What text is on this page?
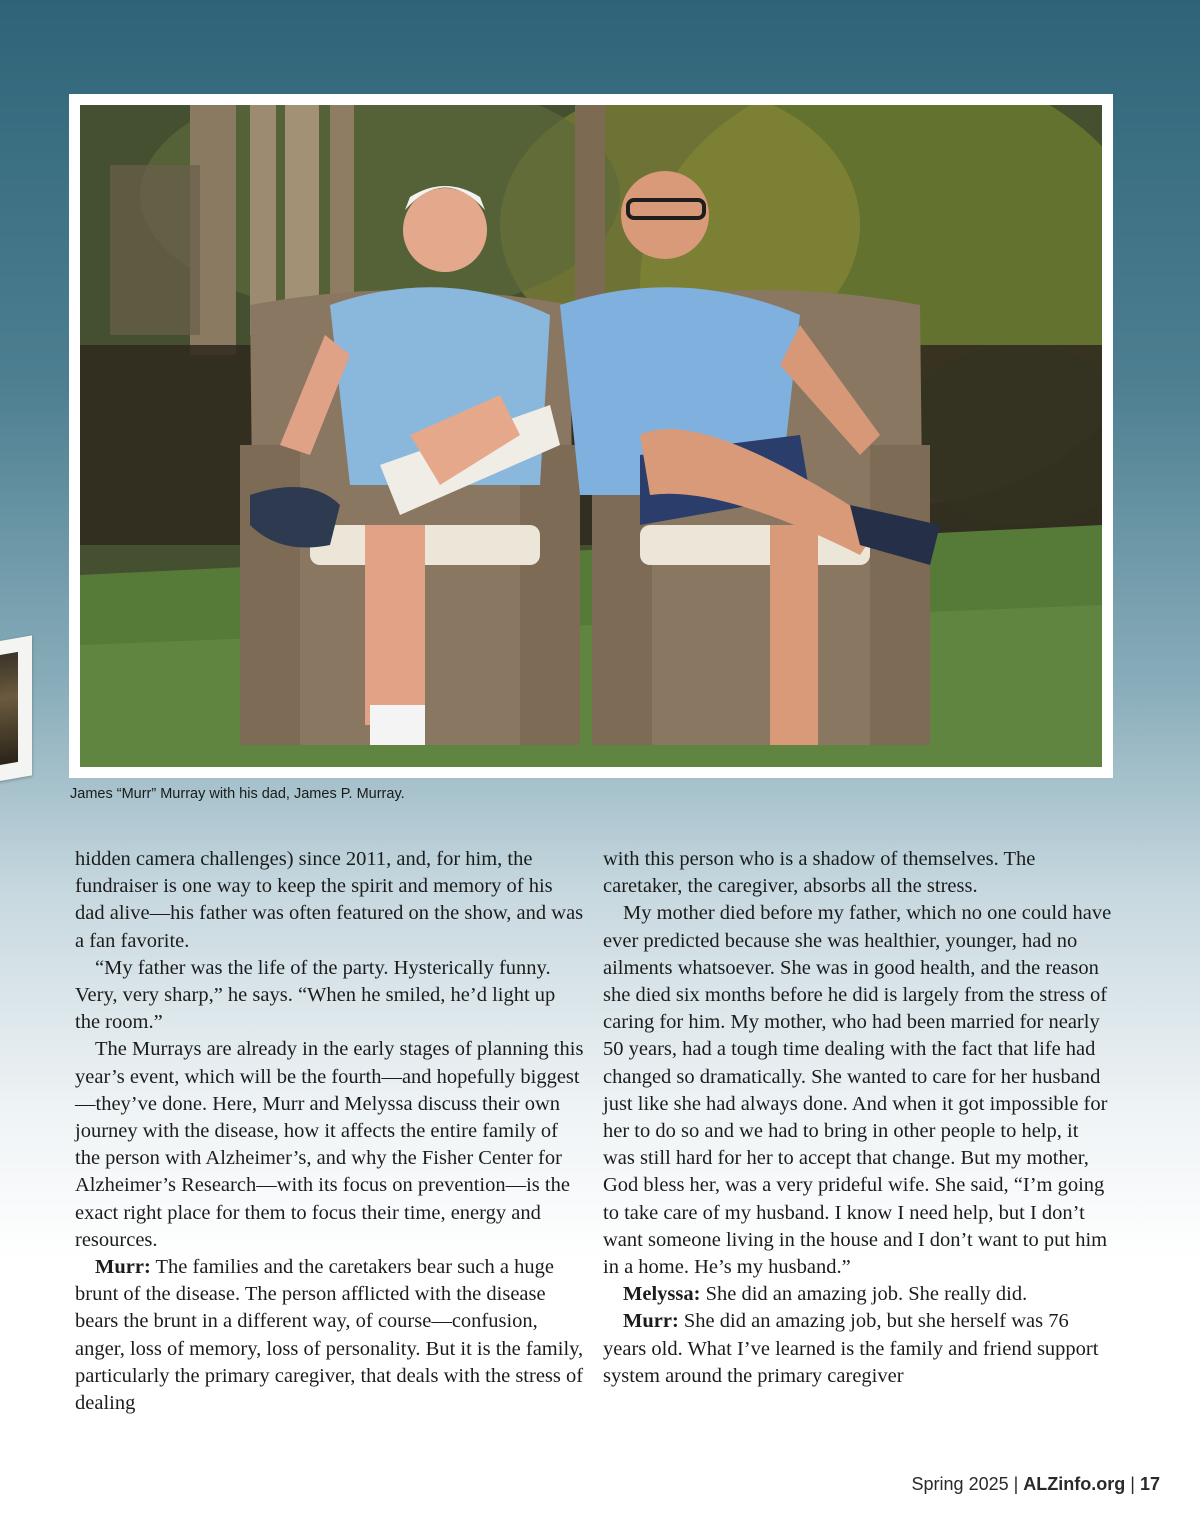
James “Murr” Murray with his dad, James P. Murray.

hidden camera challenges) since 2011, and, for him, the fundraiser is one way to keep the spirit and memory of his dad alive—his father was often featured on the show, and was a fan favorite.

“My father was the life of the party. Hysterically funny. Very, very sharp,” he says. “When he smiled, he’d light up the room.”

The Murrays are already in the early stages of planning this year’s event, which will be the fourth—and hopefully biggest—they’ve done. Here, Murr and Melyssa discuss their own journey with the disease, how it affects the entire family of the person with Alzheimer’s, and why the Fisher Center for Alzheimer’s Research—with its focus on prevention—is the exact right place for them to focus their time, energy and resources.

Murr: The families and the caretakers bear such a huge brunt of the disease. The person afflicted with the disease bears the brunt in a different way, of course—confusion, anger, loss of memory, loss of personality. But it is the family, particularly the primary caregiver, that deals with the stress of dealing

with this person who is a shadow of themselves. The caretaker, the caregiver, absorbs all the stress.

My mother died before my father, which no one could have ever predicted because she was healthier, younger, had no ailments whatsoever. She was in good health, and the reason she died six months before he did is largely from the stress of caring for him. My mother, who had been married for nearly 50 years, had a tough time dealing with the fact that life had changed so dramatically. She wanted to care for her husband just like she had always done. And when it got impossible for her to do so and we had to bring in other people to help, it was still hard for her to accept that change. But my mother, God bless her, was a very prideful wife. She said, “I’m going to take care of my husband. I know I need help, but I don’t want someone living in the house and I don’t want to put him in a home. He’s my husband.”

Melyssa: She did an amazing job. She really did.

Murr: She did an amazing job, but she herself was 76 years old. What I’ve learned is the family and friend support system around the primary caregiver

Spring 2025 | ALZinfo.org | 17
